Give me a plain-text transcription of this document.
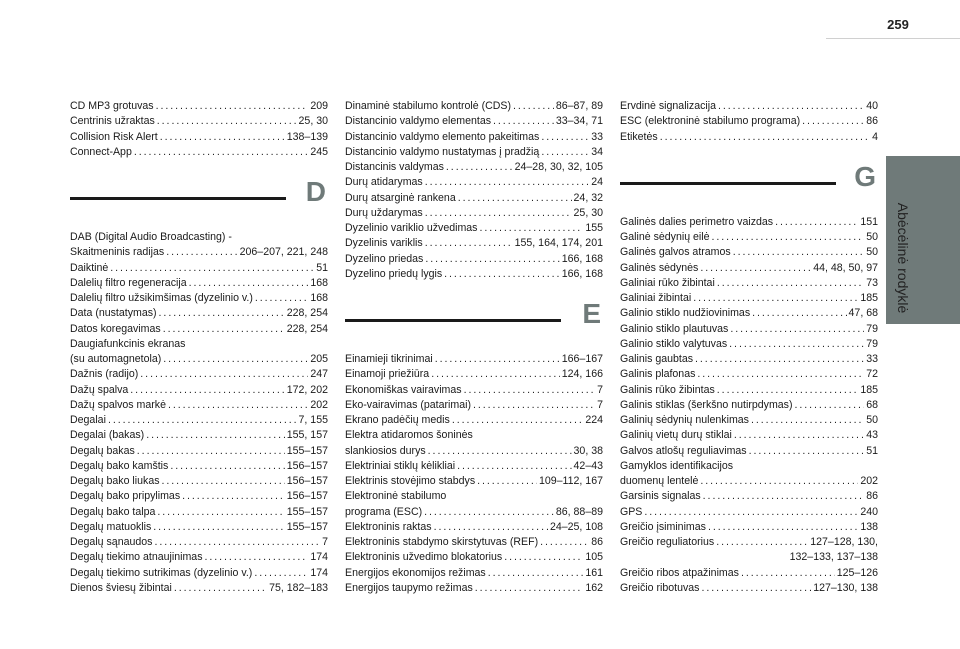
259
Abėcėlinė rodyklė
CD MP3 grotuvas . . .	209
Centrinis užraktas . . .	25, 30
Collision Risk Alert . . .	138–139
Connect-App . . .	245
D
DAB (Digital Audio Broadcasting) -
Skaitmeninis radijas . . .	206–207, 221, 248
Daiktinė . . .	51
Dalelių filtro regeneracija . . .	168
Dalelių filtro užsikimšimas (dyzelinio v.) . . .	168
Data (nustatymas) . . .	228, 254
Datos koregavimas . . .	228, 254
Daugiafunkcinis ekranas
(su automagnetola) . . .	205
Dažnis (radijo) . . .	247
Dažų spalva . . .	172, 202
Dažų spalvos markė . . .	202
Degalai . . .	7, 155
Degalai (bakas) . . .	155, 157
Degalų bakas . . .	155–157
Degalų bako kamštis . . .	156–157
Degalų bako liukas . . .	156–157
Degalų bako pripylimas . . .	156–157
Degalų bako talpa . . .	155–157
Degalų matuoklis . . .	155–157
Degalų sąnaudos . . .	7
Degalų tiekimo atnaujinimas . . .	174
Degalų tiekimo sutrikimas (dyzelinio v.) . . .	174
Dienos šviesų žibintai . . .	75, 182–183
Dinaminė stabilumo kontrolė (CDS) . . .	86–87, 89
Distancinio valdymo elementas . . .	33–34, 71
Distancinio valdymo elemento pakeitimas . . .	33
Distancinio valdymo nustatymas į pradžią . . .	34
Distancinis valdymas . . .	24–28, 30, 32, 105
Durų atidarymas . . .	24
Durų atsarginė rankena . . .	24, 32
Durų uždarymas . . .	25, 30
Dyzelinio variklio užvedimas . . .	155
Dyzelinis variklis . . .	155, 164, 174, 201
Dyzelino priedas . . .	166, 168
Dyzelino priedų lygis . . .	166, 168
E
Einamieji tikrinimai . . .	166–167
Einamoji priežiūra . . .	124, 166
Ekonomiškas vairavimas . . .	7
Eko-vairavimas (patarimai) . . .	7
Ekrano padėčių medis . . .	224
Elektra atidaromos šoninės
slankiosios durys . . .	30, 38
Elektriniai stiklų kėlikliai . . .	42–43
Elektrinis stovėjimo stabdys . . .	109–112, 167
Elektroninė stabilumo
programa (ESC) . . .	86, 88–89
Elektroninis raktas . . .	24–25, 108
Elektroninis stabdymo skirstytuvas (REF) . . .	86
Elektroninis užvedimo blokatorius . . .	105
Energijos ekonomijos režimas . . .	161
Energijos taupymo režimas . . .	162
Ervdinė signalizacija . . .	40
ESC (elektroninė stabilumo programa) . . .	86
Etiketės . . .	4
G
Galinės dalies perimetro vaizdas . . .	151
Galinė sėdynių eilė . . .	50
Galinės galvos atramos . . .	50
Galinės sėdynės . . .	44, 48, 50, 97
Galiniai rūko žibintai . . .	73
Galiniai žibintai . . .	185
Galinio stiklo nudžiovinimas . . .	47, 68
Galinio stiklo plautuvas . . .	79
Galinio stiklo valytuvas . . .	79
Galinis gaubtas . . .	33
Galinis plafonas . . .	72
Galinis rūko žibintas . . .	185
Galinis stiklas (šerkšno nutirpdymas) . . .	68
Galinių sėdynių nulenkimas . . .	50
Galinių vietų durų stiklai . . .	43
Galvos atlošų reguliavimas . . .	51
Gamyklos identifikacijos
duomenų lentelė . . .	202
Garsinis signalas . . .	86
GPS . . .	240
Greičio įsiminimas . . .	138
Greičio reguliatorius . . .	127–128, 130,
132–133, 137–138
Greičio ribos atpažinimas . . .	125–126
Greičio ribotuvas . . .	127–130, 138
